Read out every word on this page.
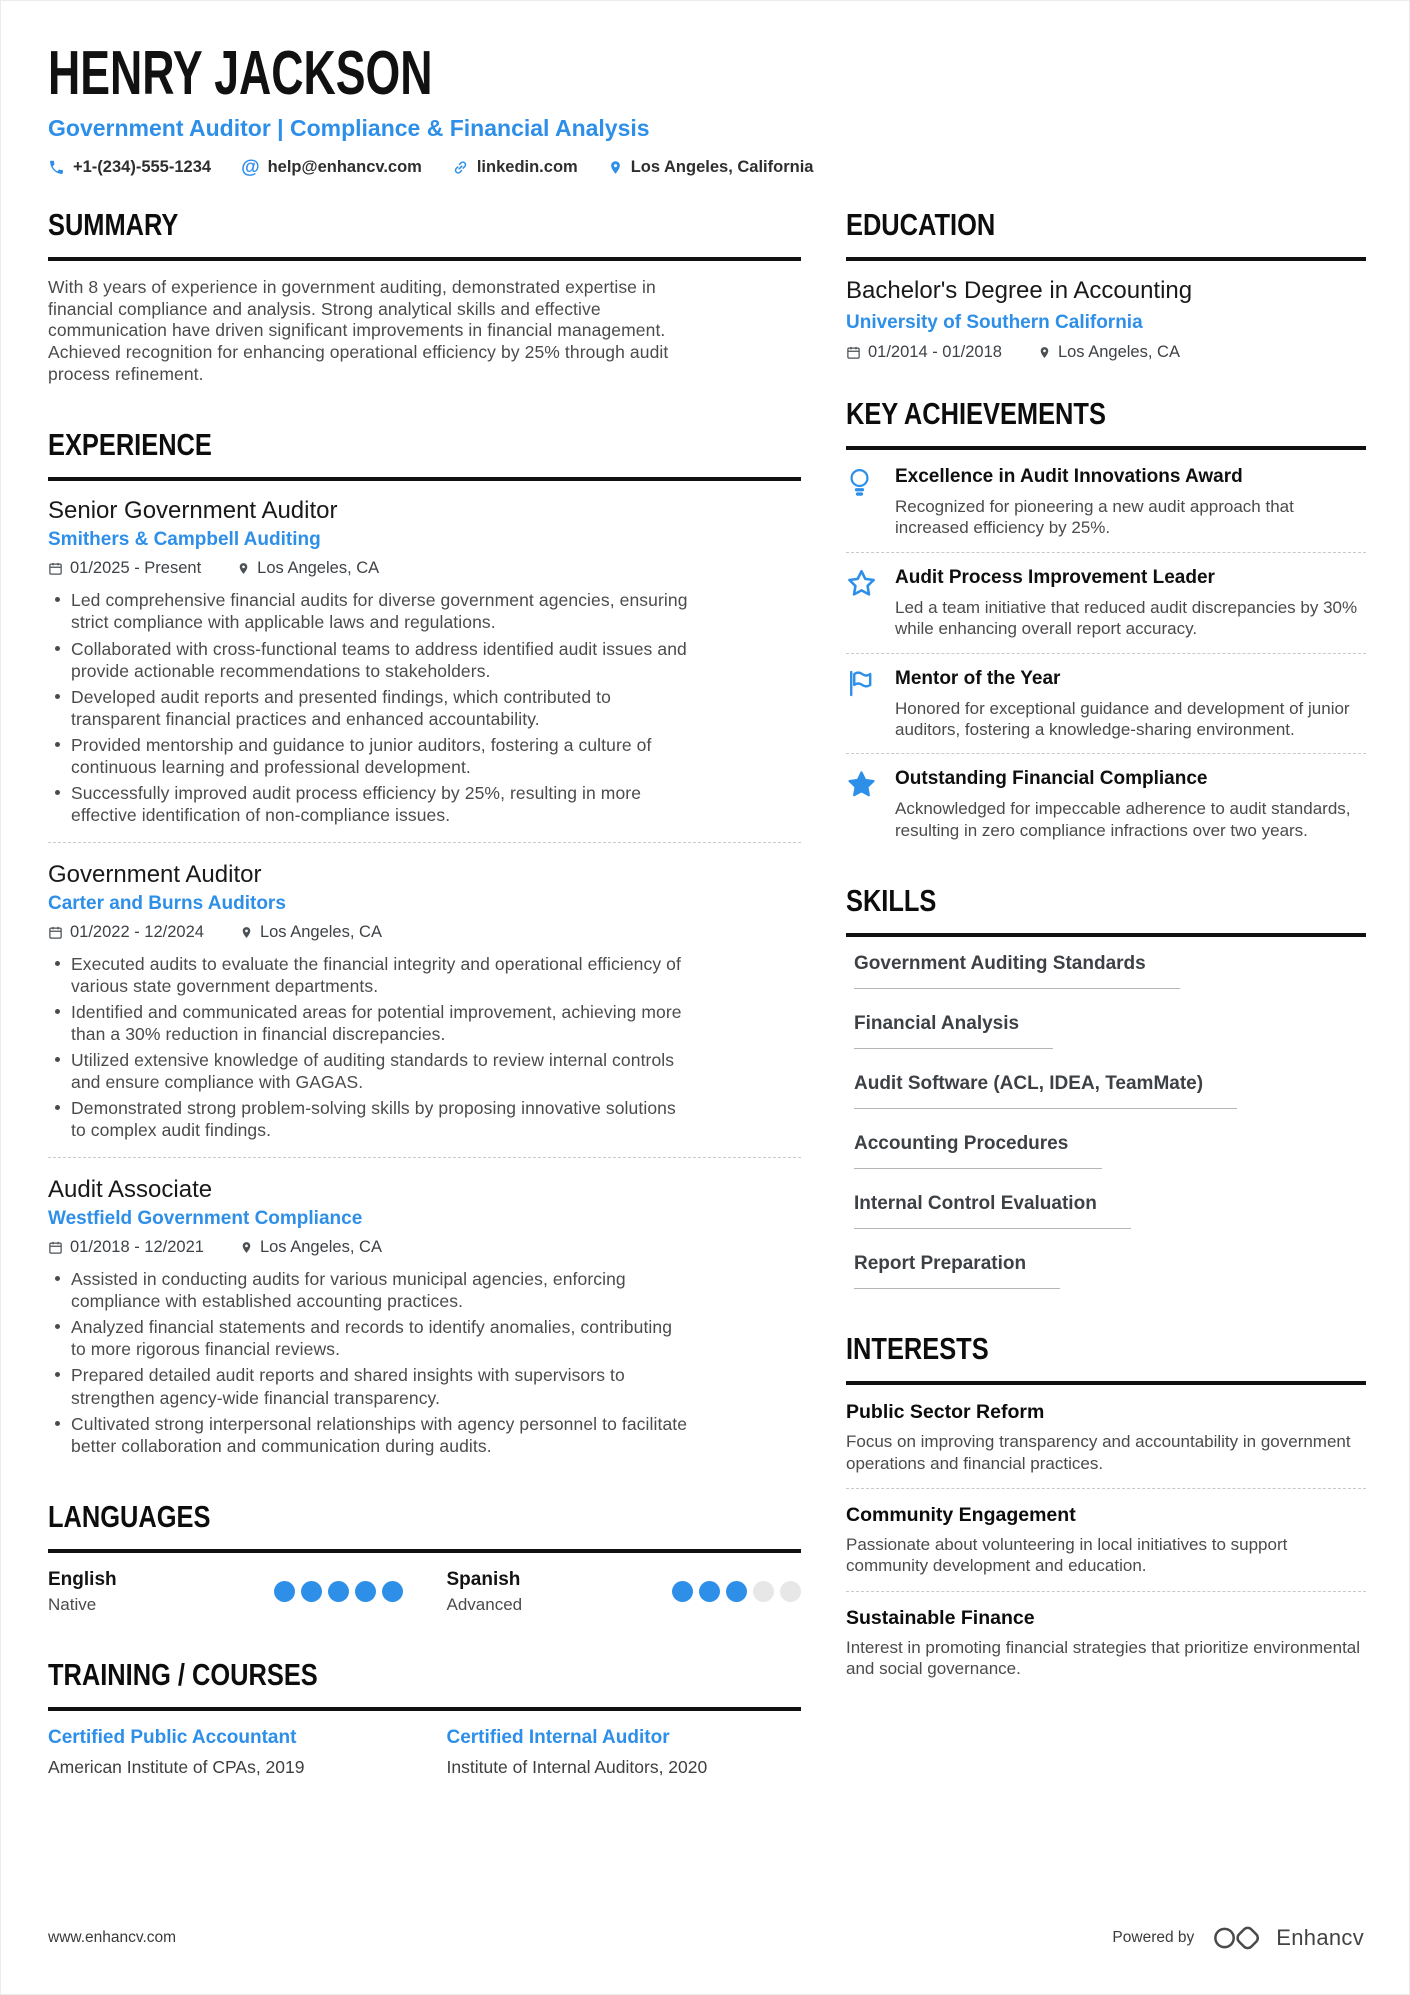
HENRY JACKSON
Government Auditor | Compliance & Financial Analysis
+1-(234)-555-1234 @ help@enhancv.com	linkedin.com	Los Angeles, California
SUMMARY

With 8 years of experience in government auditing, demonstrated expertise in financial compliance and analysis. Strong analytical skills and effective communication have driven significant improvements in financial management. Achieved recognition for enhancing operational efficiency by 25% through audit process refinement.

EXPERIENCE
Senior Government Auditor
Smithers & Campbell Auditing
01/2025 - Present	Los Angeles, CA
Led comprehensive financial audits for diverse government agencies, ensuring strict compliance with applicable laws and regulations.
Collaborated with cross-functional teams to address identified audit issues and provide actionable recommendations to stakeholders.
Developed audit reports and presented findings, which contributed to transparent financial practices and enhanced accountability.
Provided mentorship and guidance to junior auditors, fostering a culture of continuous learning and professional development.
Successfully improved audit process efficiency by 25%, resulting in more effective identification of non-compliance issues.
Government Auditor
Carter and Burns Auditors
01/2022 - 12/2024	Los Angeles, CA
Executed audits to evaluate the financial integrity and operational efficiency of various state government departments.
Identified and communicated areas for potential improvement, achieving more than a 30% reduction in financial discrepancies.
Utilized extensive knowledge of auditing standards to review internal controls and ensure compliance with GAGAS.
Demonstrated strong problem-solving skills by proposing innovative solutions to complex audit findings.
Audit Associate
Westfield Government Compliance
01/2018 - 12/2021	Los Angeles, CA
Assisted in conducting audits for various municipal agencies, enforcing compliance with established accounting practices.
Analyzed financial statements and records to identify anomalies, contributing to more rigorous financial reviews.
Prepared detailed audit reports and shared insights with supervisors to strengthen agency-wide financial transparency.
Cultivated strong interpersonal relationships with agency personnel to facilitate better collaboration and communication during audits.
LANGUAGES
English
Native
Spanish
Advanced
TRAINING / COURSES
Certified Public Accountant
American Institute of CPAs, 2019
Certified Internal Auditor
Institute of Internal Auditors, 2020
EDUCATION
Bachelor's Degree in Accounting
University of Southern California
01/2014 - 01/2018	Los Angeles, CA
KEY ACHIEVEMENTS
Excellence in Audit Innovations Award
Recognized for pioneering a new audit approach that increased efficiency by 25%.
Audit Process Improvement Leader
Led a team initiative that reduced audit discrepancies by 30% while enhancing overall report accuracy.
Mentor of the Year
Honored for exceptional guidance and development of junior auditors, fostering a knowledge-sharing environment.
Outstanding Financial Compliance
Acknowledged for impeccable adherence to audit standards, resulting in zero compliance infractions over two years.
SKILLS
Government Auditing Standards
Financial Analysis
Audit Software (ACL, IDEA, TeamMate)
Accounting Procedures
Internal Control Evaluation
Report Preparation
INTERESTS
Public Sector Reform
Focus on improving transparency and accountability in government operations and financial practices.
Community Engagement
Passionate about volunteering in local initiatives to support community development and education.
Sustainable Finance
Interest in promoting financial strategies that prioritize environmental and social governance.
www.enhancv.com	Powered by	Enhancv
